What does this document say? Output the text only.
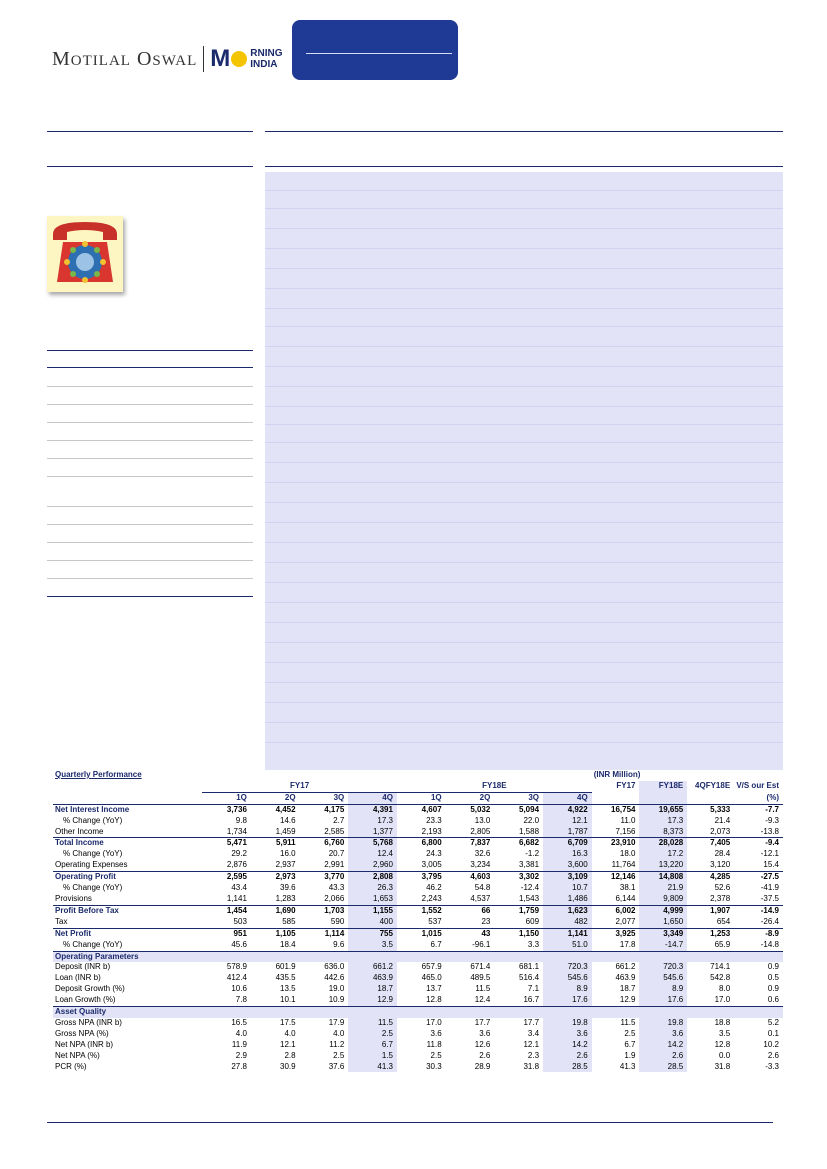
MOTILAL OSWAL M RNING
INDIA
Quarterly Performance									(INR Million)			
	FY17				FY18E				FY17	FY18E	4QFY18E	V/S our Est
	1Q	2Q	3Q	4Q	1Q	2Q	3Q	4Q				(%)
Net Interest Income	3,736	4,452	4,175	4,391	4,607	5,032	5,094	4,922	16,754	19,655	5,333	-7.7
% Change (YoY)	9.8	14.6	2.7	17.3	23.3	13.0	22.0	12.1	11.0	17.3	21.4	-9.3
Other Income	1,734	1,459	2,585	1,377	2,193	2,805	1,588	1,787	7,156	8,373	2,073	-13.8
Total Income	5,471	5,911	6,760	5,768	6,800	7,837	6,682	6,709	23,910	28,028	7,405	-9.4
% Change (YoY)	29.2	16.0	20.7	12.4	24.3	32.6	-1.2	16.3	18.0	17.2	28.4	-12.1
Operating Expenses	2,876	2,937	2,991	2,960	3,005	3,234	3,381	3,600	11,764	13,220	3,120	15.4
Operating Profit	2,595	2,973	3,770	2,808	3,795	4,603	3,302	3,109	12,146	14,808	4,285	-27.5
% Change (YoY)	43.4	39.6	43.3	26.3	46.2	54.8	-12.4	10.7	38.1	21.9	52.6	-41.9
Provisions	1,141	1,283	2,066	1,653	2,243	4,537	1,543	1,486	6,144	9,809	2,378	-37.5
Profit Before Tax	1,454	1,690	1,703	1,155	1,552	66	1,759	1,623	6,002	4,999	1,907	-14.9
Tax	503	585	590	400	537	23	609	482	2,077	1,650	654	-26.4
Net Profit	951	1,105	1,114	755	1,015	43	1,150	1,141	3,925	3,349	1,253	-8.9
% Change (YoY)	45.6	18.4	9.6	3.5	6.7	-96.1	3.3	51.0	17.8	-14.7	65.9	-14.8
Operating Parameters												
Deposit (INR b)	578.9	601.9	636.0	661.2	657.9	671.4	681.1	720.3	661.2	720.3	714.1	0.9
Loan (INR b)	412.4	435.5	442.6	463.9	465.0	489.5	516.4	545.6	463.9	545.6	542.8	0.5
Deposit Growth (%)	10.6	13.5	19.0	18.7	13.7	11.5	7.1	8.9	18.7	8.9	8.0	0.9
Loan Growth (%)	7.8	10.1	10.9	12.9	12.8	12.4	16.7	17.6	12.9	17.6	17.0	0.6
Asset Quality												
Gross NPA (INR b)	16.5	17.5	17.9	11.5	17.0	17.7	17.7	19.8	11.5	19.8	18.8	5.2
Gross NPA (%)	4.0	4.0	4.0	2.5	3.6	3.6	3.4	3.6	2.5	3.6	3.5	0.1
Net NPA (INR b)	11.9	12.1	11.2	6.7	11.8	12.6	12.1	14.2	6.7	14.2	12.8	10.2
Net NPA (%)	2.9	2.8	2.5	1.5	2.5	2.6	2.3	2.6	1.9	2.6	0.0	2.6
PCR (%)	27.8	30.9	37.6	41.3	30.3	28.9	31.8	28.5	41.3	28.5	31.8	-3.3
